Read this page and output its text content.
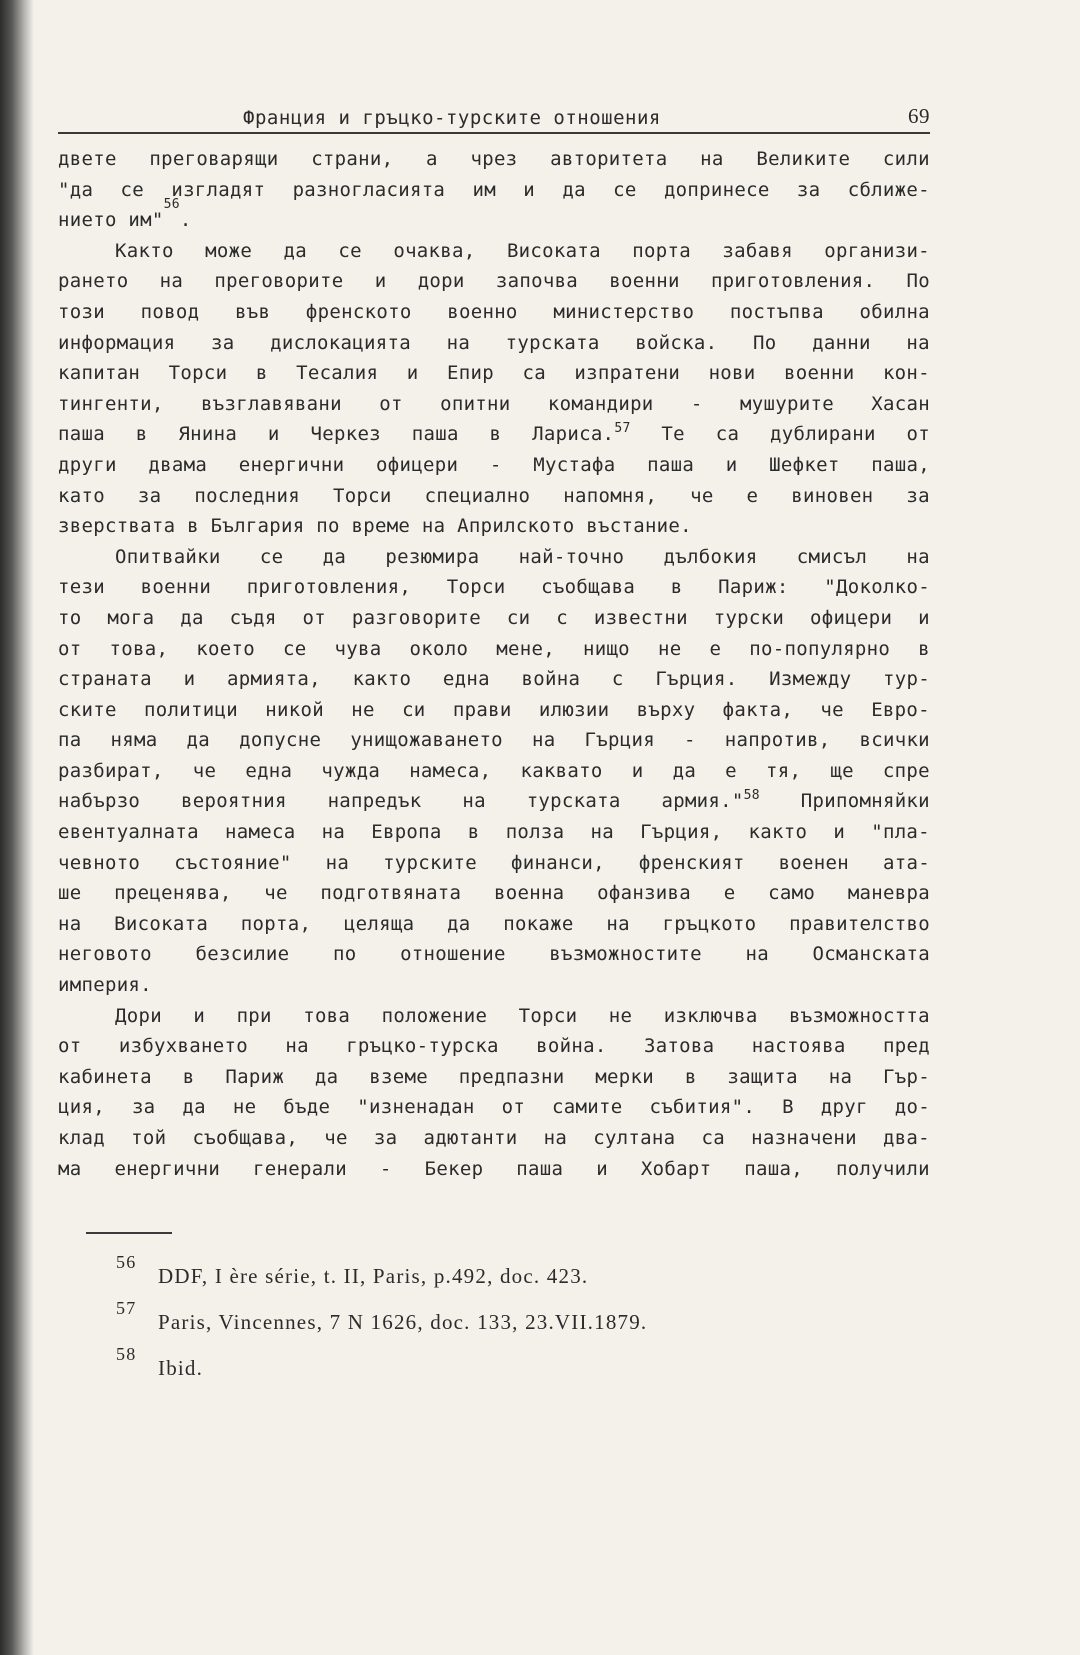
Франция и гръцко-турските отношения	69
двете преговарящи страни, а чрез авторитета на Великите сили
"да се изгладят разногласията им и да се допринесе за сближе-
нието им"
56
.
Както може да се очаква, Високата порта забавя организи-
рането на преговорите и дори започва военни приготовления. По
този повод във френското военно министерство постъпва обилна
информация за дислокацията на турската войска. По данни на
капитан Торси в Тесалия и Епир са изпратени нови военни кон-
тингенти, възглавявани от опитни командири - мушурите Хасан
паша в Янина и Черкез паша в Лариса.$^{57}$ Те са дублирани от
други двама енергични офицери - Мустафа паша и Шефкет паша,
като за последния Торси специално напомня, че е виновен за
зверствата в България по време на Априлското въстание.
Опитвайки се да резюмира най-точно дълбокия смисъл на
тези военни приготовления, Торси съобщава в Париж: "Доколко-
то мога да съдя от разговорите си с известни турски офицери и
от това, което се чува около мене, нищо не е по-популярно в
страната и армията, както една война с Гърция. Измежду тур-
ските политици никой не си прави илюзии върху факта, че Евро-
па няма да допусне унищожаването на Гърция - напротив, всички
разбират, че една чужда намеса, каквато и да е тя, ще спре
набързо вероятния напредък на турската армия."$^{58}$ Припомняйки
евентуалната намеса на Европа в полза на Гърция, както и "пла-
чевното състояние" на турските финанси, френският военен ата-
ше преценява, че подготвяната военна офанзива е само маневра
на Високата порта, целяща да покаже на гръцкото правителство
неговото безсилие по отношение възможностите на Османската
империя.
Дори и при това положение Торси не изключва възможността
от избухването на гръцко-турска война. Затова настоява пред
кабинета в Париж да вземе предпазни мерки в защита на Гър-
ция, за да не бъде "изненадан от самите събития". В друг до-
клад той съобщава, че за адютанти на султана са назначени два-
ма енергични генерали - Бекер паша и Хобарт паша, получили
56
DDF, I ère série, t. II, Paris, p.492, doc. 423.
57
Paris, Vincennes, 7 N 1626, doc. 133, 23.VII.1879.
58
Ibid.
